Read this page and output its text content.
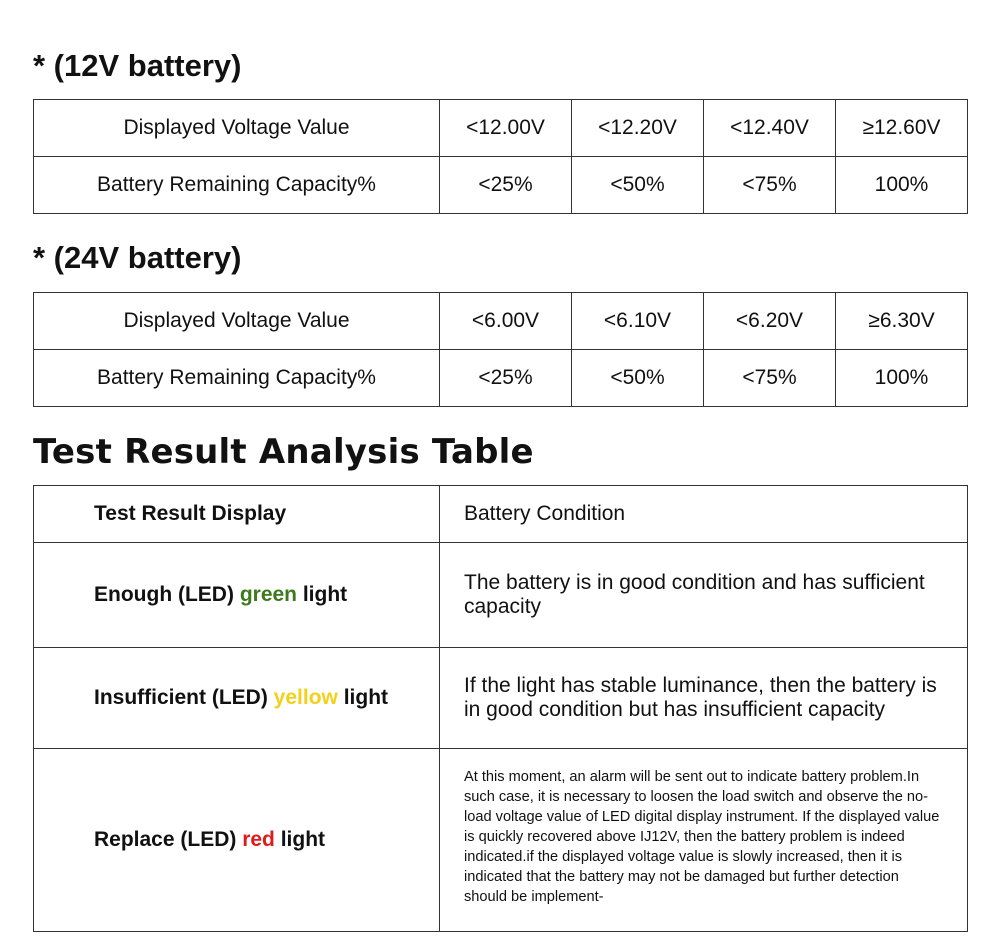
* (12V battery)
Displayed Voltage Value	<12.00V	<12.20V	<12.40V	≥12.60V
Battery Remaining Capacity%	<25%	<50%	<75%	100%
* (24V battery)
Displayed Voltage Value	<6.00V	<6.10V	<6.20V	≥6.30V
Battery Remaining Capacity%	<25%	<50%	<75%	100%
Test Result Analysis Table
Test Result Display	Battery Condition
Enough (LED) green light	The battery is in good condition and has sufficient capacity
Insufficient (LED) yellow light	If the light has stable luminance, then the battery is in good condition but has insufficient capacity
Replace (LED) red light	At this moment, an alarm will be sent out to indicate battery problem.In such case, it is necessary to loosen the load switch and observe the no-load voltage value of LED digital display instrument. If the displayed value is quickly recovered above IJ12V, then the battery problem is indeed indicated.if the displayed voltage value is slowly increased, then it is indicated that the battery may not be damaged but further detection should be implement-
